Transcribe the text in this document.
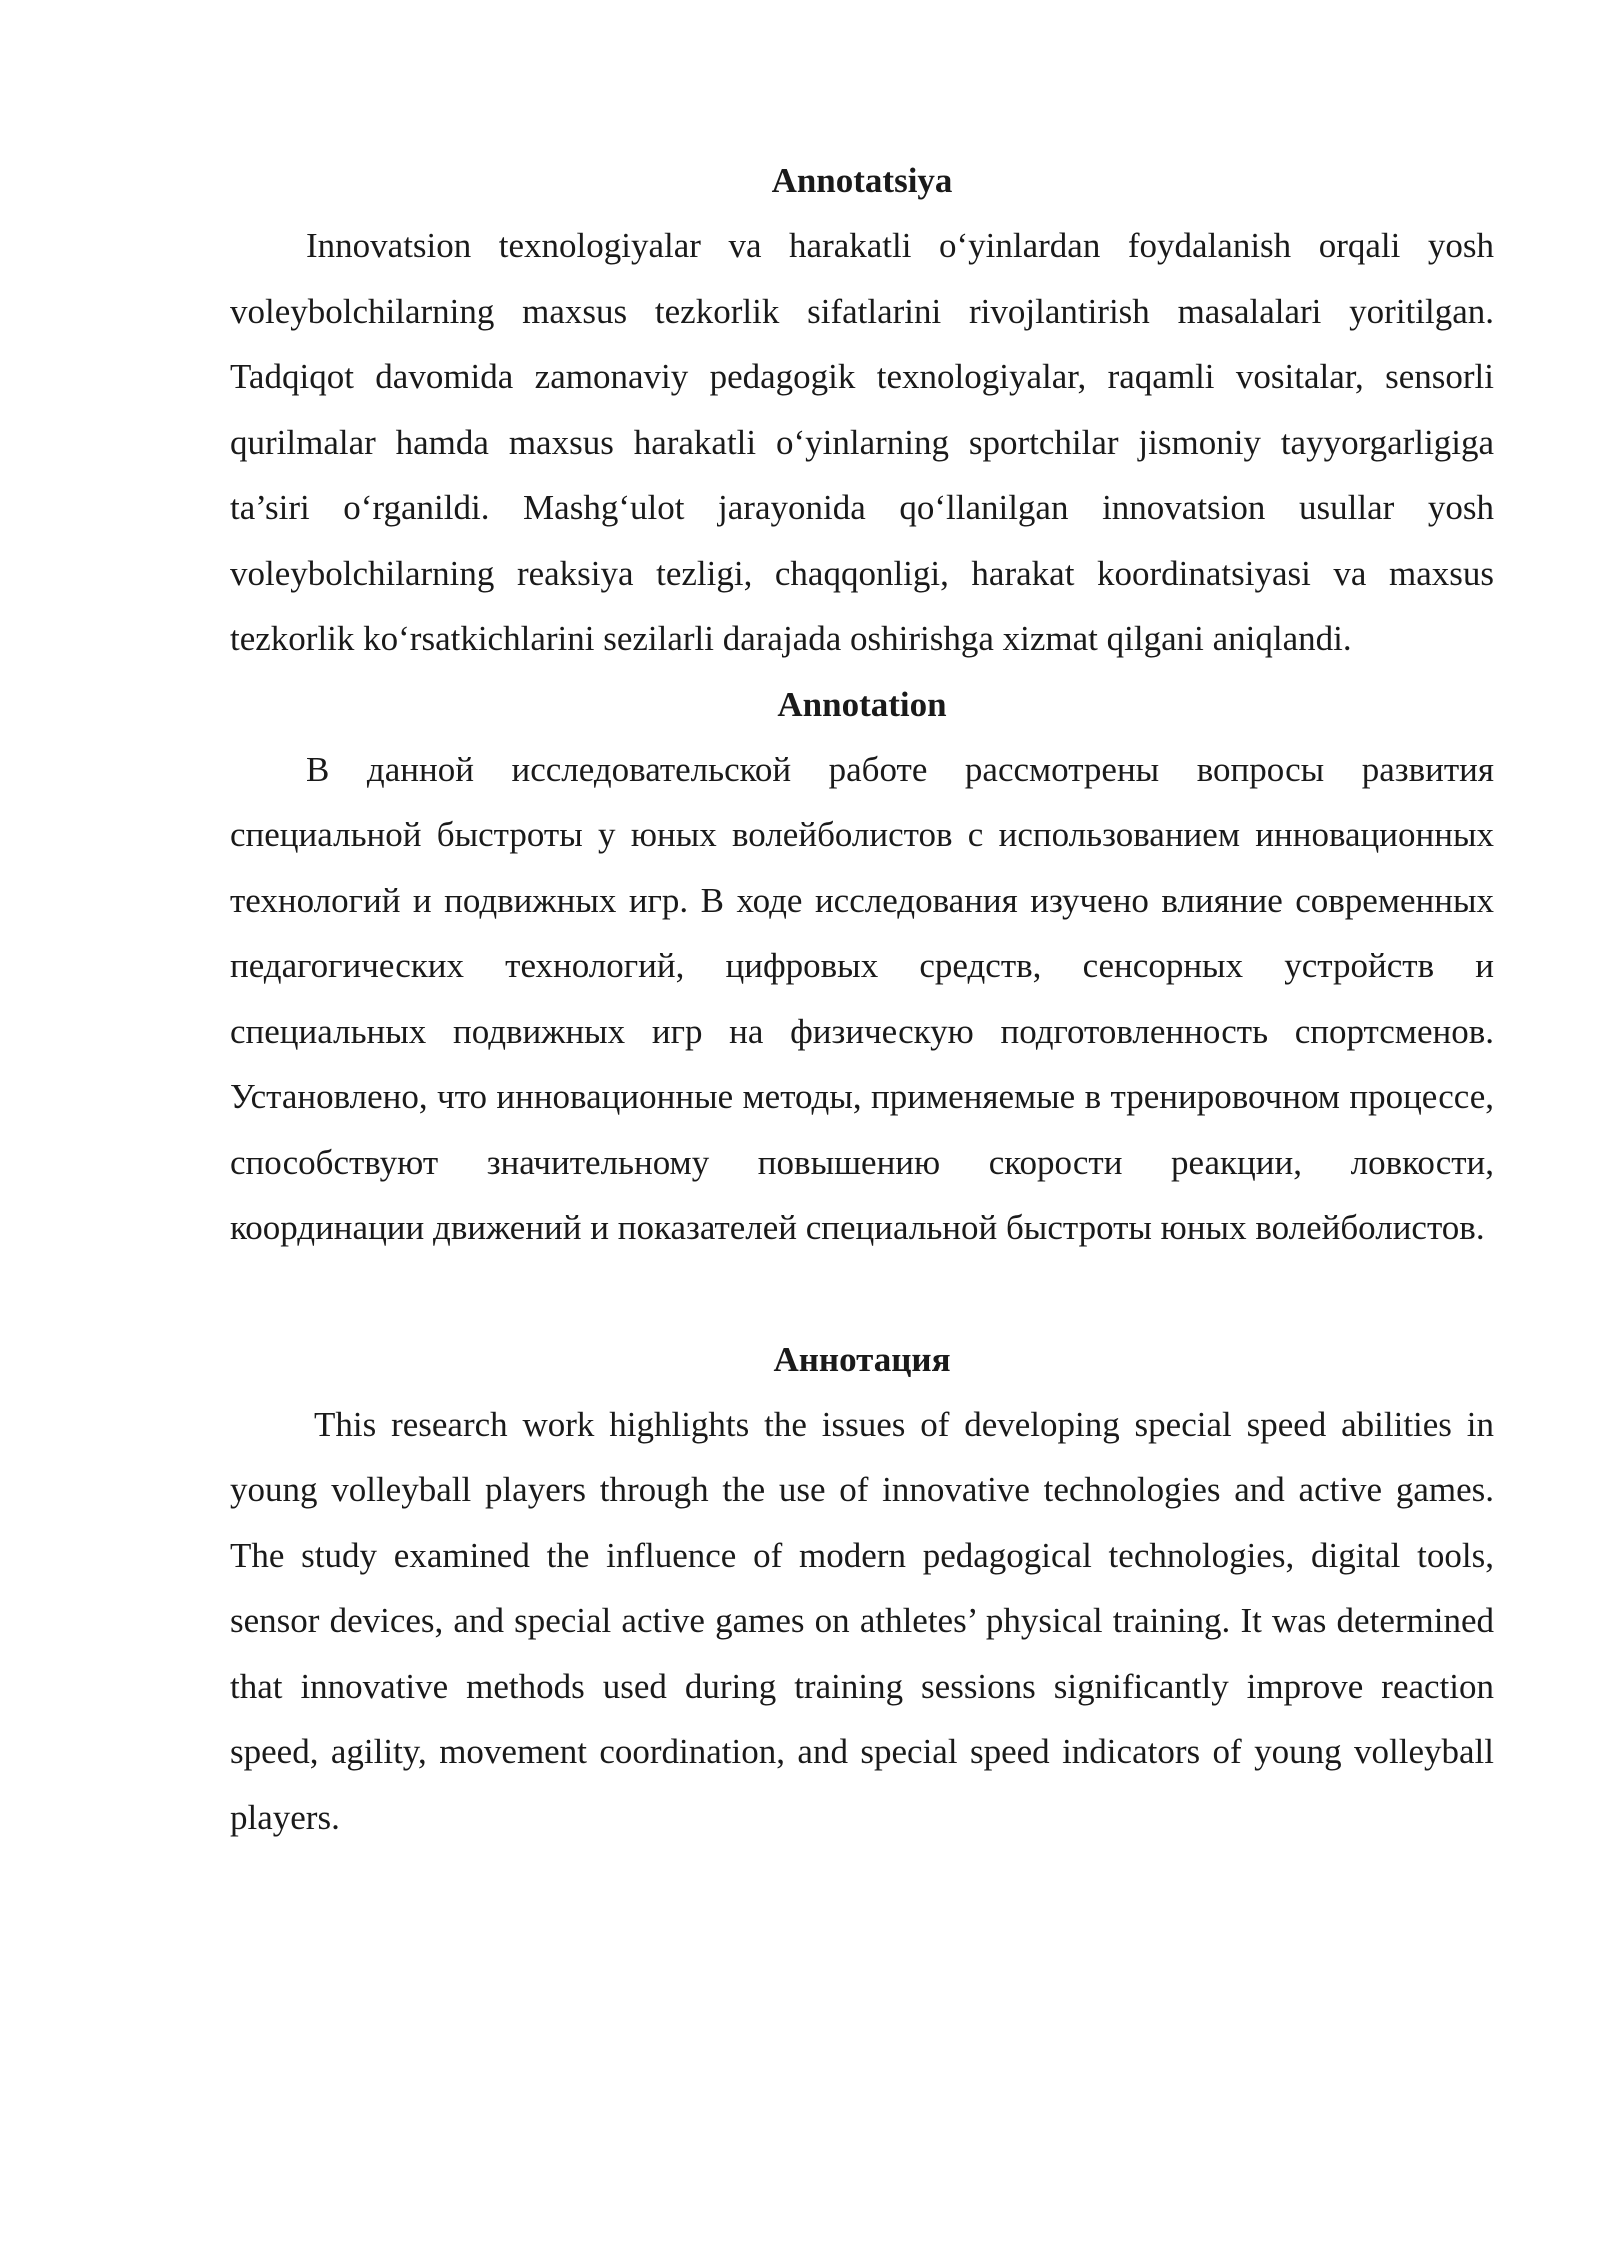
Annotatsiya

Innovatsion texnologiyalar va harakatli o‘yinlardan foydalanish orqali yosh voleybolchilarning maxsus tezkorlik sifatlarini rivojlantirish masalalari yoritilgan. Tadqiqot davomida zamonaviy pedagogik texnologiyalar, raqamli vositalar, sensorli qurilmalar hamda maxsus harakatli o‘yinlarning sportchilar jismoniy tayyorgarligiga ta’siri o‘rganildi. Mashg‘ulot jarayonida qo‘llanilgan innovatsion usullar yosh voleybolchilarning reaksiya tezligi, chaqqonligi, harakat koordinatsiyasi va maxsus tezkorlik ko‘rsatkichlarini sezilarli darajada oshirishga xizmat qilgani aniqlandi.

Annotation

В данной исследовательской работе рассмотрены вопросы развития специальной быстроты у юных волейболистов с использованием инновационных технологий и подвижных игр. В ходе исследования изучено влияние современных педагогических технологий, цифровых средств, сенсорных устройств и специальных подвижных игр на физическую подготовленность спортсменов. Установлено, что инновационные методы, применяемые в тренировочном процессе, способствуют значительному повышению скорости реакции, ловкости, координации движений и показателей специальной быстроты юных волейболистов.

Аннотация

This research work highlights the issues of developing special speed abilities in young volleyball players through the use of innovative technologies and active games. The study examined the influence of modern pedagogical technologies, digital tools, sensor devices, and special active games on athletes’ physical training. It was determined that innovative methods used during training sessions significantly improve reaction speed, agility, movement coordination, and special speed indicators of young volleyball players.
